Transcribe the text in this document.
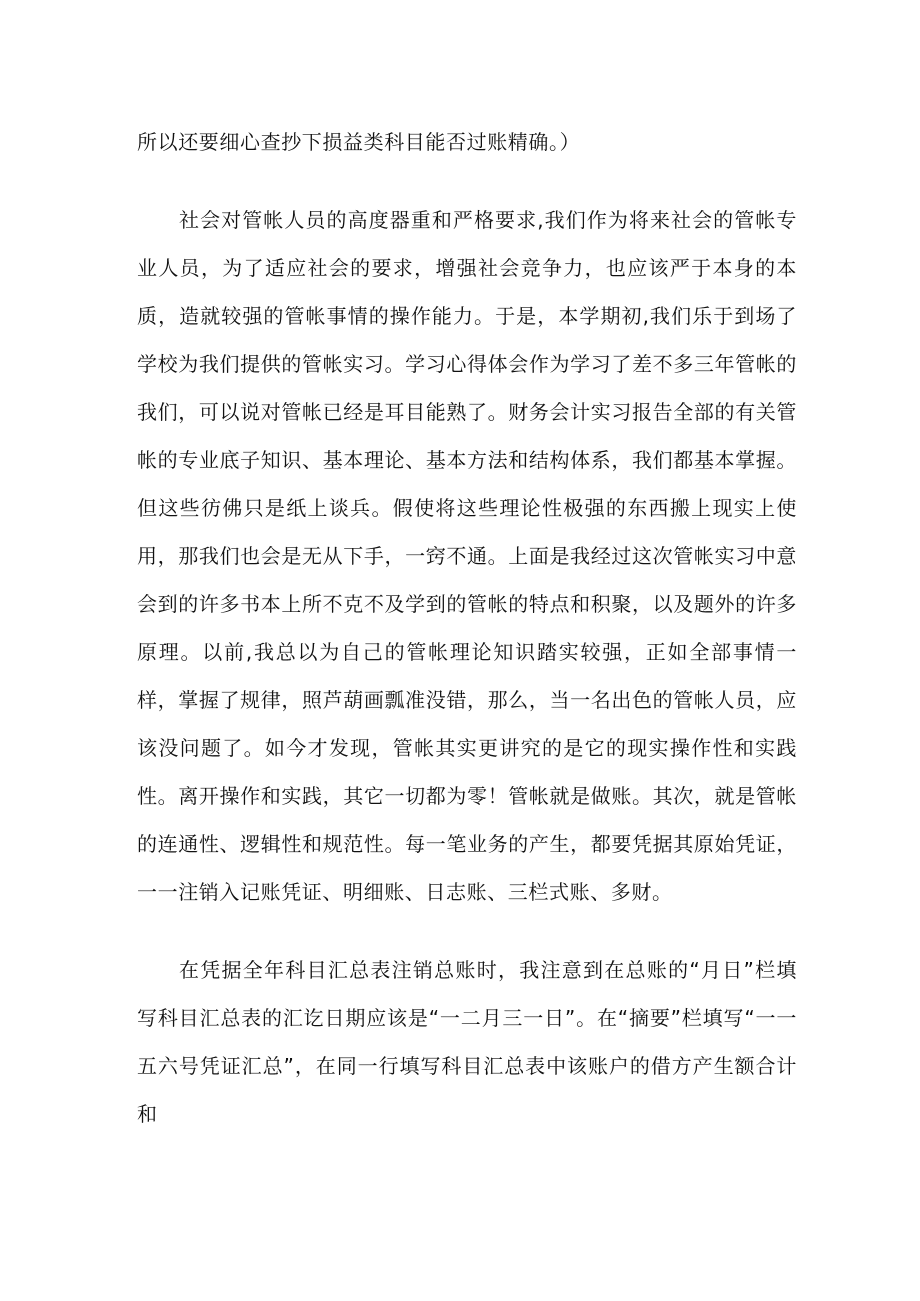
所以还要细心查抄下损益类科目能否过账精确。）

社会对管帐人员的高度器重和严格要求,我们作为将来社会的管帐专业人员，为了适应社会的要求，增强社会竞争力，也应该严于本身的本质，造就较强的管帐事情的操作能力。于是，本学期初,我们乐于到场了学校为我们提供的管帐实习。学习心得体会作为学习了差不多三年管帐的我们，可以说对管帐已经是耳目能熟了。财务会计实习报告全部的有关管帐的专业底子知识、基本理论、基本方法和结构体系，我们都基本掌握。但这些彷佛只是纸上谈兵。假使将这些理论性极强的东西搬上现实上使用，那我们也会是无从下手，一窍不通。上面是我经过这次管帐实习中意会到的许多书本上所不克不及学到的管帐的特点和积聚，以及题外的许多原理。以前,我总以为自己的管帐理论知识踏实较强，正如全部事情一样，掌握了规律，照芦葫画瓢准没错，那么，当一名出色的管帐人员，应该没问题了。如今才发现，管帐其实更讲究的是它的现实操作性和实践性。离开操作和实践，其它一切都为零！管帐就是做账。其次，就是管帐的连通性、逻辑性和规范性。每一笔业务的产生，都要凭据其原始凭证，一一注销入记账凭证、明细账、日志账、三栏式账、多财。

在凭据全年科目汇总表注销总账时，我注意到在总账的“月日”栏填写科目汇总表的汇讫日期应该是“一二月三一日”。在“摘要”栏填写“一一五六号凭证汇总”，在同一行填写科目汇总表中该账户的借方产生额合计和
